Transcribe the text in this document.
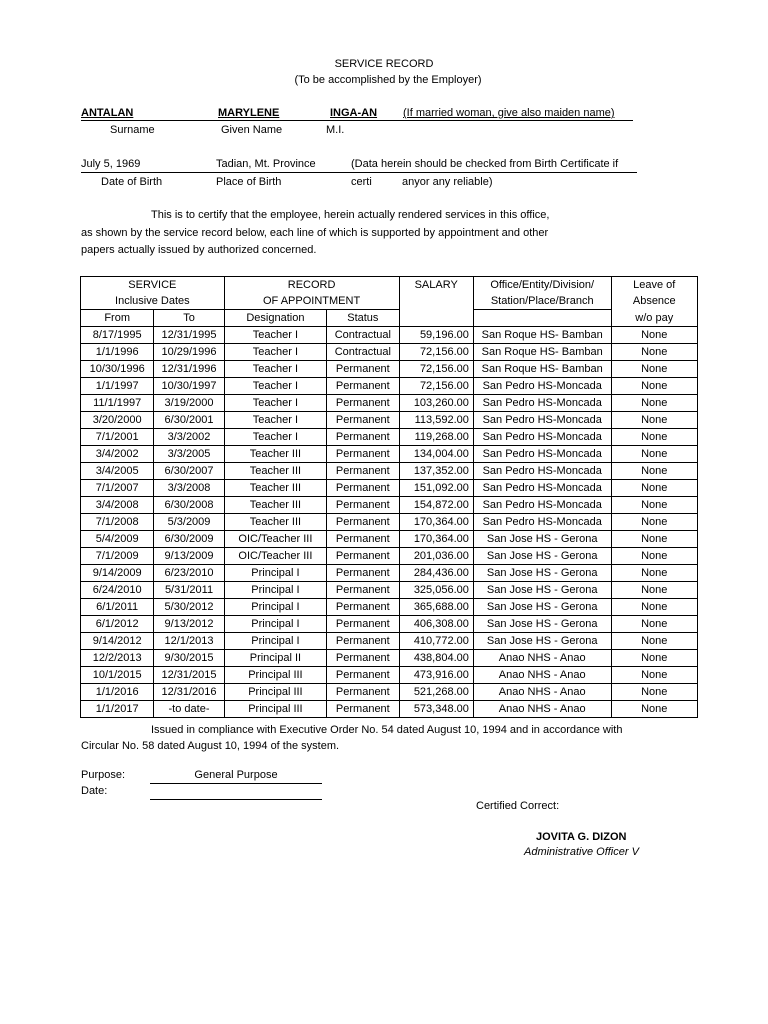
SERVICE RECORD
(To be accomplished by the Employer)
ANTALAN	MARYLENE	INGA-AN (If married woman, give also maiden name)
Surname	Given Name	M.I.
July 5, 1969	Tadian, Mt. Province	(Data herein should be checked from Birth Certificate if
Date of Birth	Place of Birth	certi	anyor any reliable)
This is to certify that the employee, herein actually rendered services in this office,
as shown by the service record below, each line of which is supported by appointment and other
papers actually issued by authorized concerned.
SERVICE		RECORD		SALARY	Office/Entity/Division/	Leave of
Inclusive Dates		OF APPOINTMENT			Station/Place/Branch	Absence
From	To	Designation	Status			w/o pay
8/17/1995	12/31/1995	Teacher I	Contractual	59,196.00	San Roque HS- Bamban	None
1/1/1996	10/29/1996	Teacher I	Contractual	72,156.00	San Roque HS- Bamban	None
10/30/1996	12/31/1996	Teacher I	Permanent	72,156.00	San Roque HS- Bamban	None
1/1/1997	10/30/1997	Teacher I	Permanent	72,156.00	San Pedro HS-Moncada	None
11/1/1997	3/19/2000	Teacher I	Permanent	103,260.00	San Pedro HS-Moncada	None
3/20/2000	6/30/2001	Teacher I	Permanent	113,592.00	San Pedro HS-Moncada	None
7/1/2001	3/3/2002	Teacher I	Permanent	119,268.00	San Pedro HS-Moncada	None
3/4/2002	3/3/2005	Teacher III	Permanent	134,004.00	San Pedro HS-Moncada	None
3/4/2005	6/30/2007	Teacher III	Permanent	137,352.00	San Pedro HS-Moncada	None
7/1/2007	3/3/2008	Teacher III	Permanent	151,092.00	San Pedro HS-Moncada	None
3/4/2008	6/30/2008	Teacher III	Permanent	154,872.00	San Pedro HS-Moncada	None
7/1/2008	5/3/2009	Teacher III	Permanent	170,364.00	San Pedro HS-Moncada	None
5/4/2009	6/30/2009	OIC/Teacher III	Permanent	170,364.00	San Jose HS - Gerona	None
7/1/2009	9/13/2009	OIC/Teacher III	Permanent	201,036.00	San Jose HS - Gerona	None
9/14/2009	6/23/2010	Principal I	Permanent	284,436.00	San Jose HS - Gerona	None
6/24/2010	5/31/2011	Principal I	Permanent	325,056.00	San Jose HS - Gerona	None
6/1/2011	5/30/2012	Principal I	Permanent	365,688.00	San Jose HS - Gerona	None
6/1/2012	9/13/2012	Principal I	Permanent	406,308.00	San Jose HS - Gerona	None
9/14/2012	12/1/2013	Principal I	Permanent	410,772.00	San Jose HS - Gerona	None
12/2/2013	9/30/2015	Principal II	Permanent	438,804.00	Anao NHS - Anao	None
10/1/2015	12/31/2015	Principal III	Permanent	473,916.00	Anao NHS - Anao	None
1/1/2016	12/31/2016	Principal III	Permanent	521,268.00	Anao NHS - Anao	None
1/1/2017	-to date-	Principal III	Permanent	573,348.00	Anao NHS - Anao	None
Issued in compliance with Executive Order No. 54 dated August 10, 1994 and in accordance with
Circular No. 58 dated August 10, 1994 of the system.
Purpose:	General Purpose
Date:
Certified Correct:
JOVITA G. DIZON
Administrative Officer V
